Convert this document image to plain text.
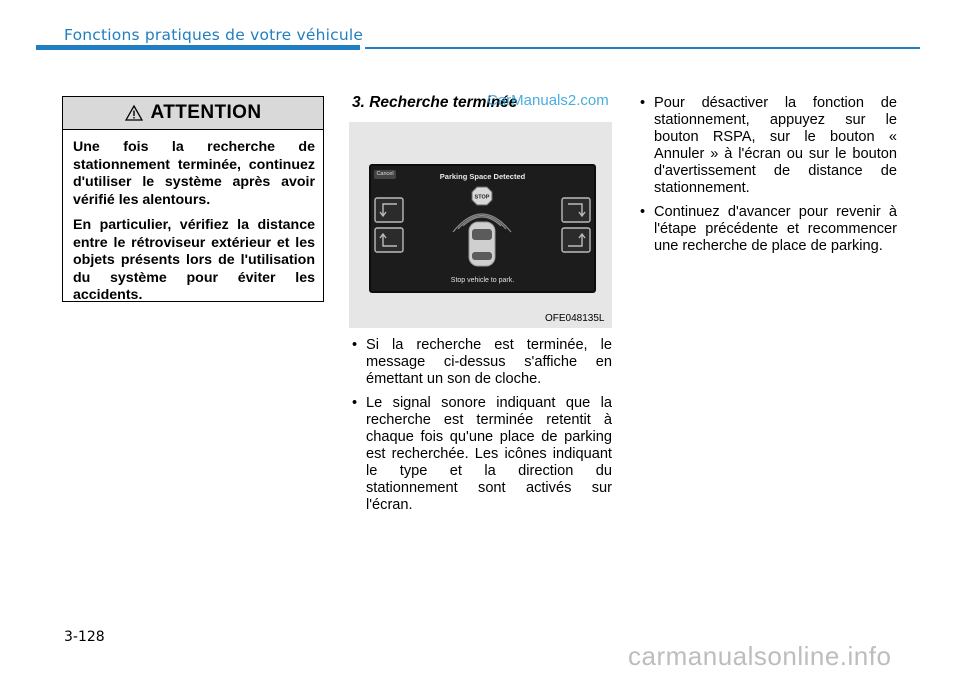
Fonctions pratiques de votre véhicule
ATTENTION

Une fois la recherche de stationnement terminée, continuez d'utiliser le système après avoir vérifié les alentours.

En particulier, vérifiez la distance entre le rétroviseur extérieur et les objets présents lors de l'utilisation du système pour éviter les accidents.

3. Recherche terminée
CarManuals2.com
Cancel	Parking Space Detected
STOP
Stop vehicle to park.
OFE048135L
• Si la recherche est terminée, le message ci-dessus s'affiche en émettant un son de cloche.
• Le signal sonore indiquant que la recherche est terminée retentit à chaque fois qu'une place de parking est recherchée. Les icônes indiquant le type et la direction du stationnement sont activés sur l'écran.
• Pour désactiver la fonction de stationnement, appuyez sur le bouton RSPA, sur le bouton « Annuler » à l'écran ou sur le bouton d'avertissement de distance de stationnement.
• Continuez d'avancer pour revenir à l'étape précédente et recommencer une recherche de place de parking.
3-128
carmanualsonline.info
